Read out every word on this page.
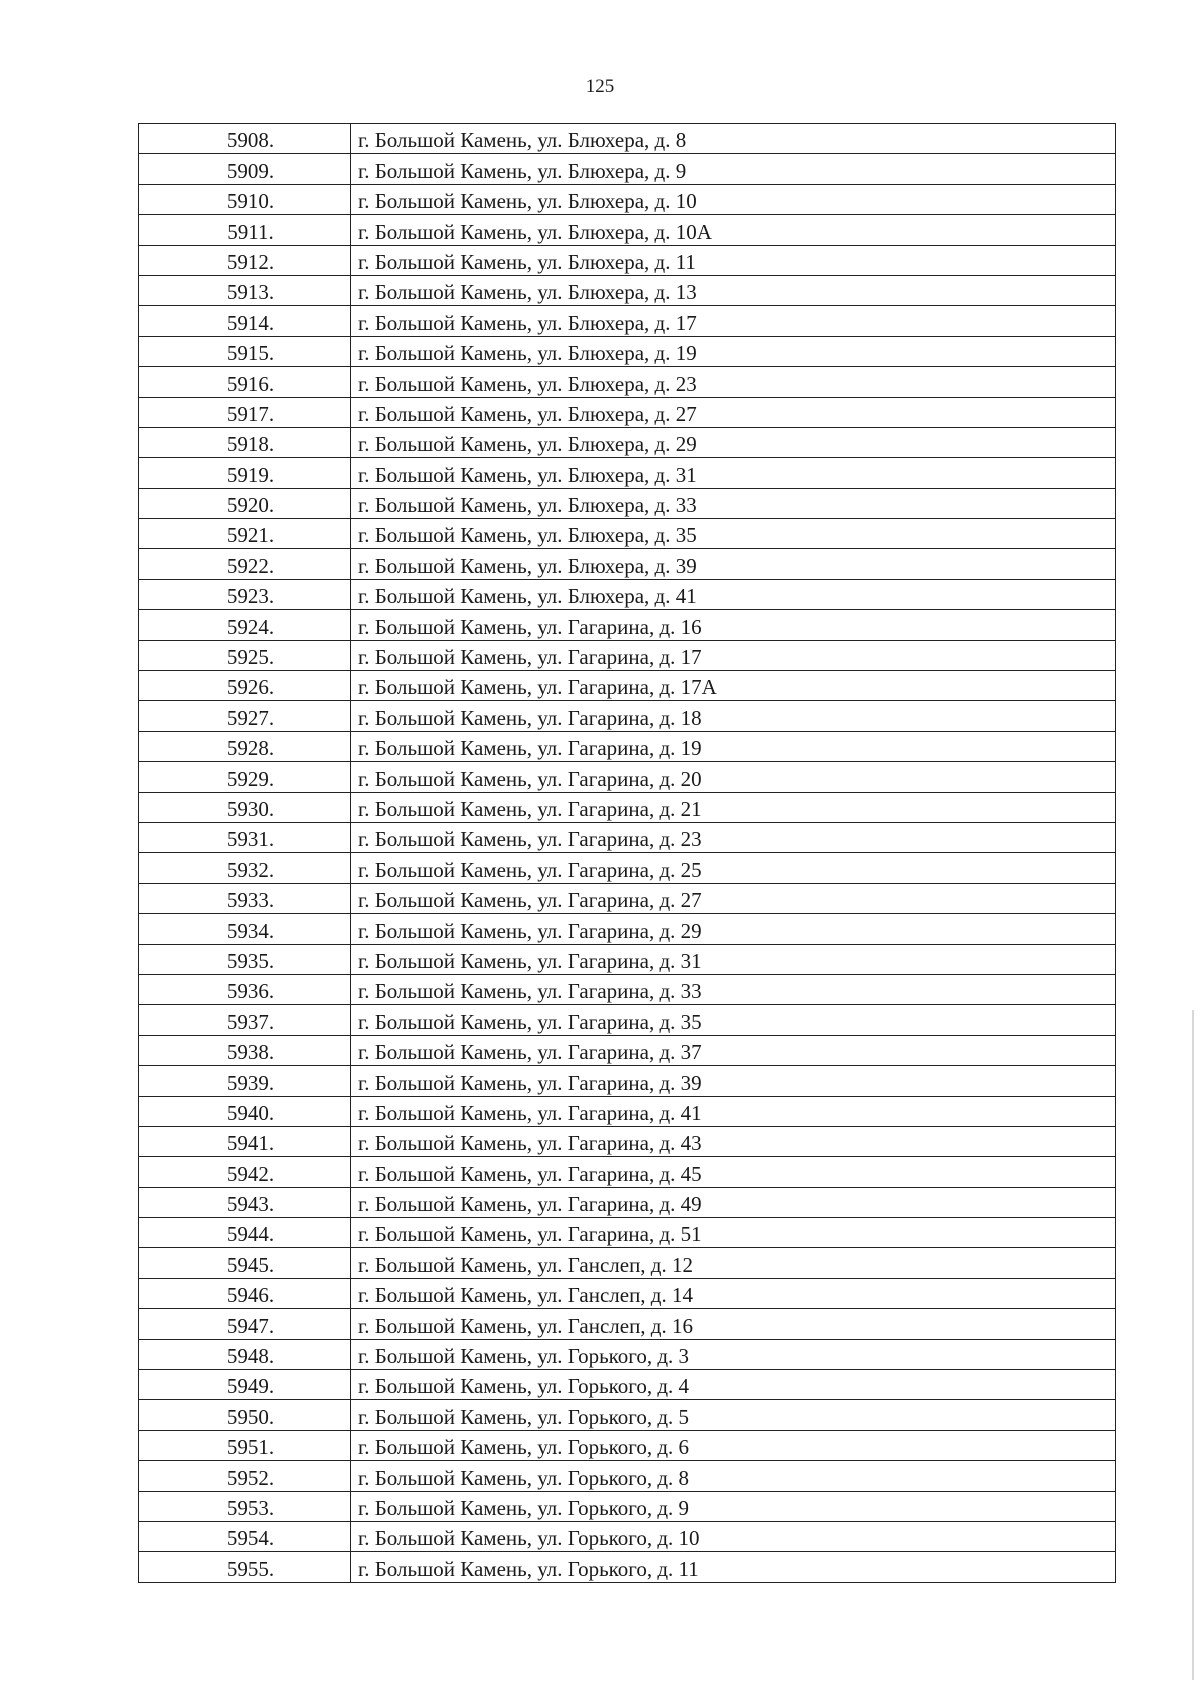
125
5908.	г. Большой Камень, ул. Блюхера, д. 8
5909.	г. Большой Камень, ул. Блюхера, д. 9
5910.	г. Большой Камень, ул. Блюхера, д. 10
5911.	г. Большой Камень, ул. Блюхера, д. 10А
5912.	г. Большой Камень, ул. Блюхера, д. 11
5913.	г. Большой Камень, ул. Блюхера, д. 13
5914.	г. Большой Камень, ул. Блюхера, д. 17
5915.	г. Большой Камень, ул. Блюхера, д. 19
5916.	г. Большой Камень, ул. Блюхера, д. 23
5917.	г. Большой Камень, ул. Блюхера, д. 27
5918.	г. Большой Камень, ул. Блюхера, д. 29
5919.	г. Большой Камень, ул. Блюхера, д. 31
5920.	г. Большой Камень, ул. Блюхера, д. 33
5921.	г. Большой Камень, ул. Блюхера, д. 35
5922.	г. Большой Камень, ул. Блюхера, д. 39
5923.	г. Большой Камень, ул. Блюхера, д. 41
5924.	г. Большой Камень, ул. Гагарина, д. 16
5925.	г. Большой Камень, ул. Гагарина, д. 17
5926.	г. Большой Камень, ул. Гагарина, д. 17А
5927.	г. Большой Камень, ул. Гагарина, д. 18
5928.	г. Большой Камень, ул. Гагарина, д. 19
5929.	г. Большой Камень, ул. Гагарина, д. 20
5930.	г. Большой Камень, ул. Гагарина, д. 21
5931.	г. Большой Камень, ул. Гагарина, д. 23
5932.	г. Большой Камень, ул. Гагарина, д. 25
5933.	г. Большой Камень, ул. Гагарина, д. 27
5934.	г. Большой Камень, ул. Гагарина, д. 29
5935.	г. Большой Камень, ул. Гагарина, д. 31
5936.	г. Большой Камень, ул. Гагарина, д. 33
5937.	г. Большой Камень, ул. Гагарина, д. 35
5938.	г. Большой Камень, ул. Гагарина, д. 37
5939.	г. Большой Камень, ул. Гагарина, д. 39
5940.	г. Большой Камень, ул. Гагарина, д. 41
5941.	г. Большой Камень, ул. Гагарина, д. 43
5942.	г. Большой Камень, ул. Гагарина, д. 45
5943.	г. Большой Камень, ул. Гагарина, д. 49
5944.	г. Большой Камень, ул. Гагарина, д. 51
5945.	г. Большой Камень, ул. Ганслеп, д. 12
5946.	г. Большой Камень, ул. Ганслеп, д. 14
5947.	г. Большой Камень, ул. Ганслеп, д. 16
5948.	г. Большой Камень, ул. Горького, д. 3
5949.	г. Большой Камень, ул. Горького, д. 4
5950.	г. Большой Камень, ул. Горького, д. 5
5951.	г. Большой Камень, ул. Горького, д. 6
5952.	г. Большой Камень, ул. Горького, д. 8
5953.	г. Большой Камень, ул. Горького, д. 9
5954.	г. Большой Камень, ул. Горького, д. 10
5955.	г. Большой Камень, ул. Горького, д. 11
